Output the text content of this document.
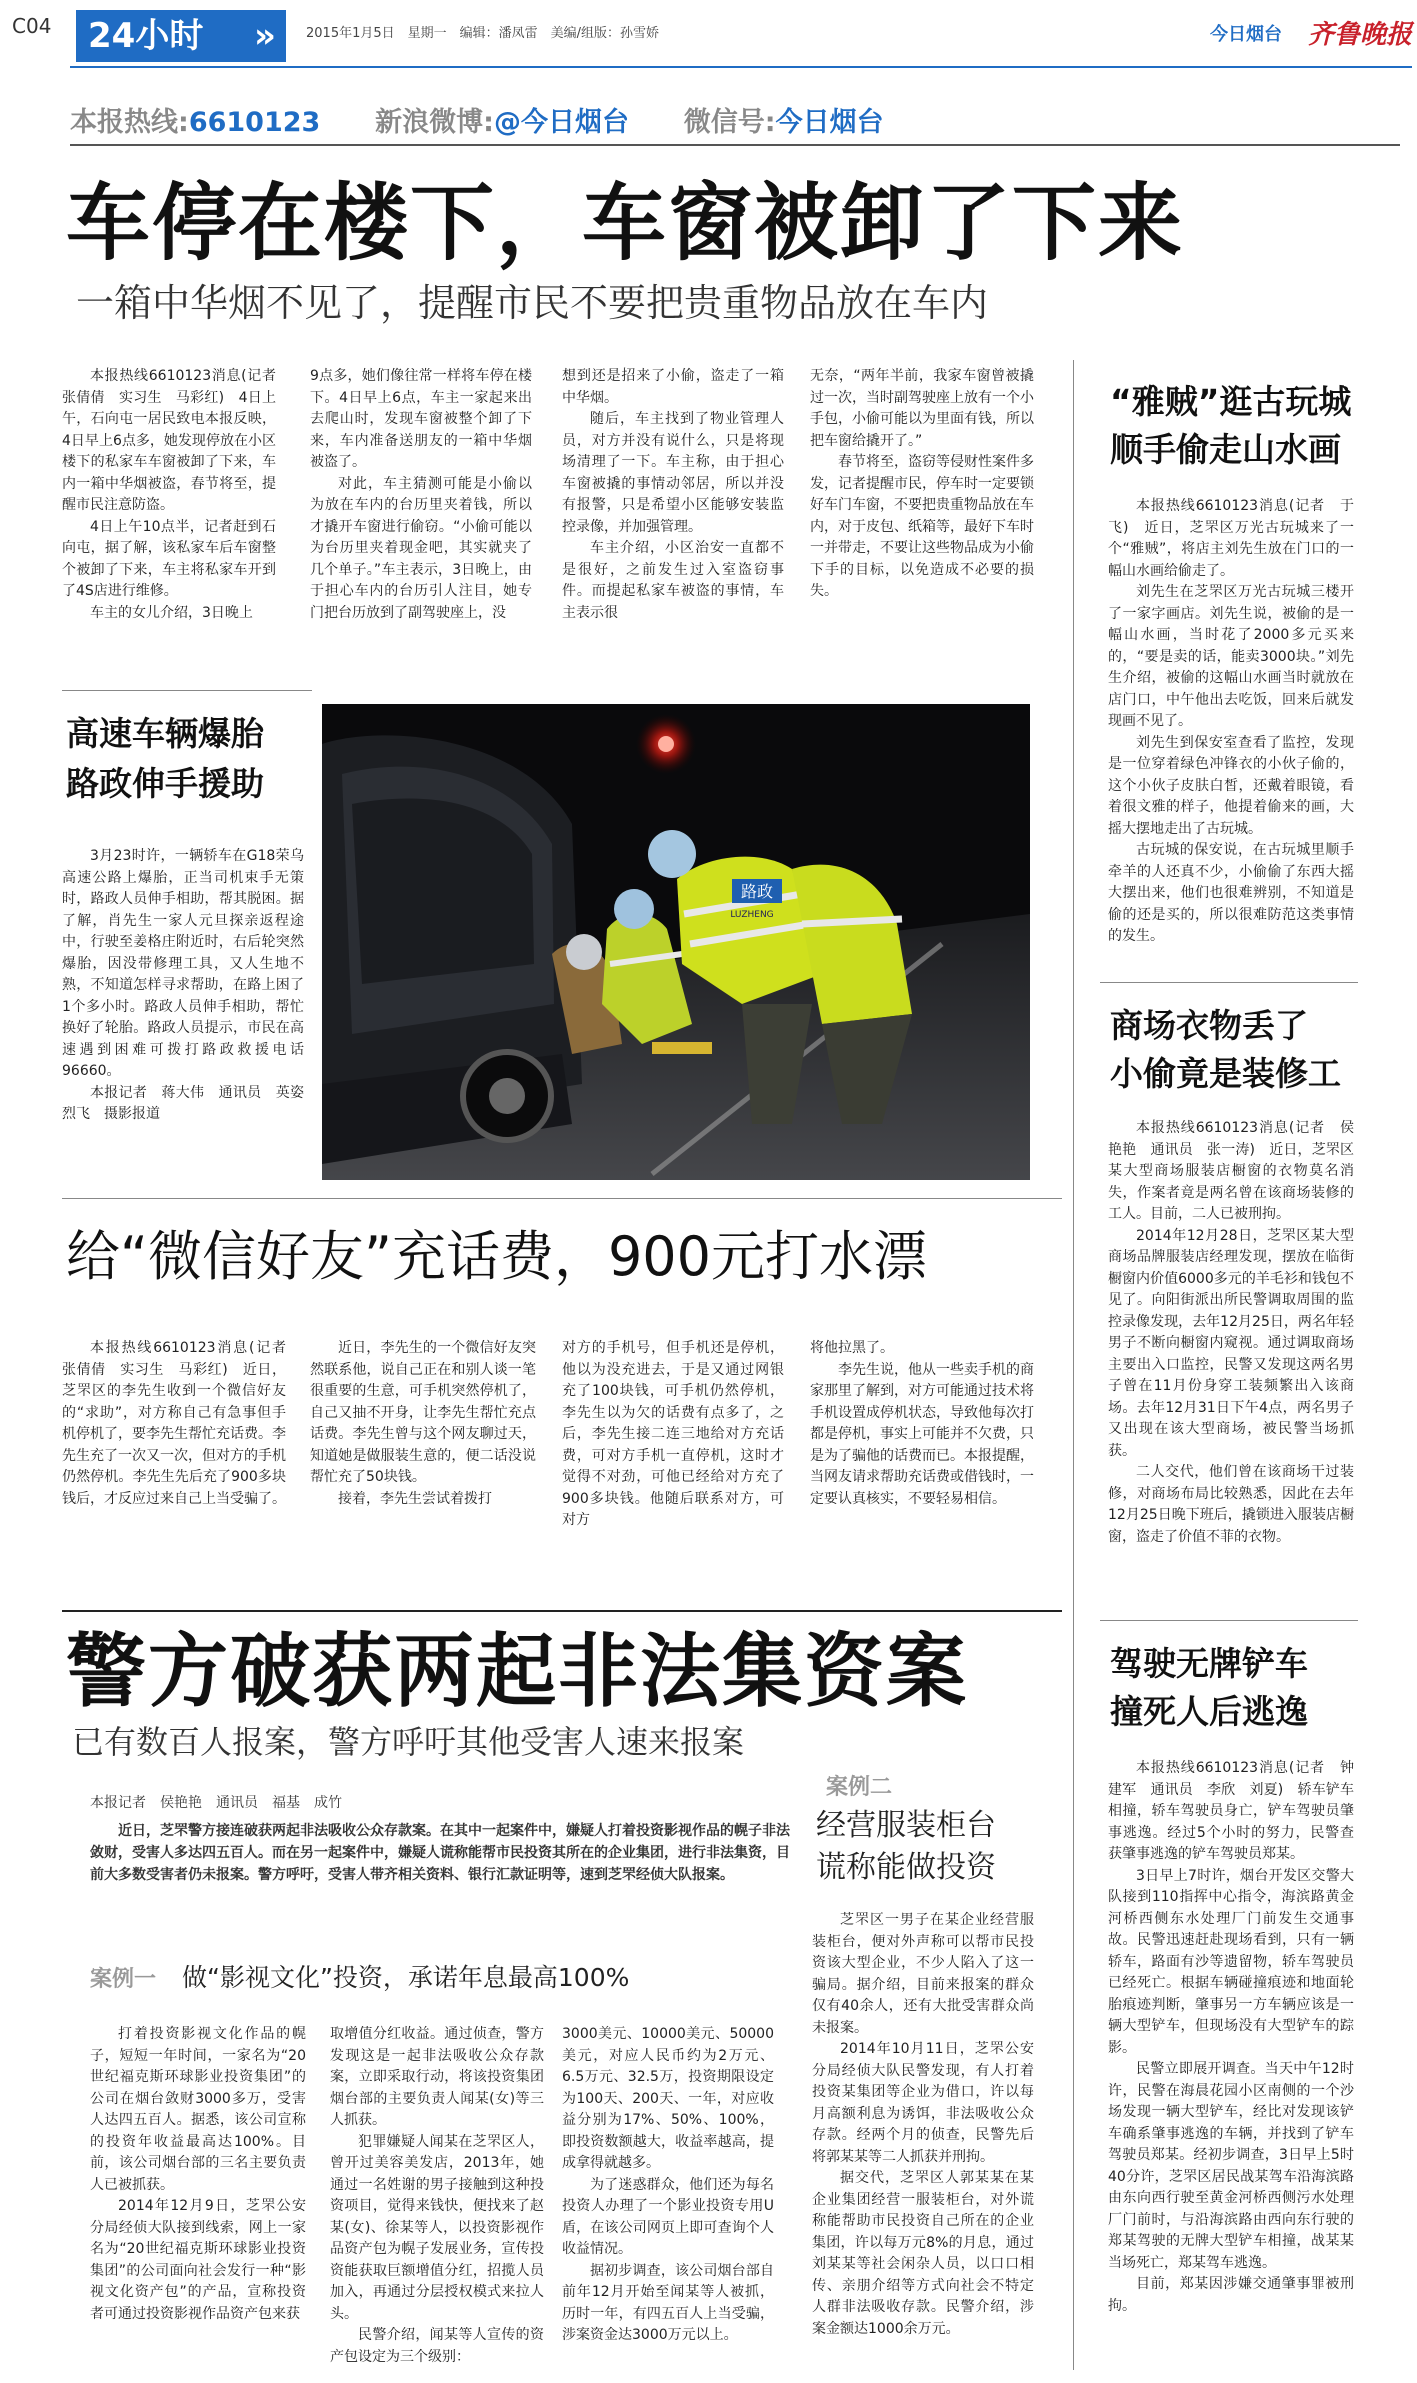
C04	24小时 » 2015年1月5日　星期一　编辑：潘凤雷　美编/组版：孙雪娇	今日烟台 齐鲁晚报
本报热线:6610123 新浪微博:@今日烟台 微信号:今日烟台
车停在楼下，车窗被卸了下来
一箱中华烟不见了，提醒市民不要把贵重物品放在车内

本报热线6610123消息(记者　张倩倩　实习生　马彩红)　4日上午，石向屯一居民致电本报反映，4日早上6点多，她发现停放在小区楼下的私家车车窗被卸了下来，车内一箱中华烟被盗，春节将至，提醒市民注意防盗。

4日上午10点半，记者赶到石向屯，据了解，该私家车后车窗整个被卸了下来，车主将私家车开到了4S店进行维修。

车主的女儿介绍，3日晚上

9点多，她们像往常一样将车停在楼下。4日早上6点，车主一家起来出去爬山时，发现车窗被整个卸了下来，车内准备送朋友的一箱中华烟被盗了。

对此，车主猜测可能是小偷以为放在车内的台历里夹着钱，所以才撬开车窗进行偷窃。“小偷可能以为台历里夹着现金吧，其实就夹了几个单子。”车主表示，3日晚上，由于担心车内的台历引人注目，她专门把台历放到了副驾驶座上，没

想到还是招来了小偷，盗走了一箱中华烟。

随后，车主找到了物业管理人员，对方并没有说什么，只是将现场清理了一下。车主称，由于担心车窗被撬的事情动邻居，所以并没有报警，只是希望小区能够安装监控录像，并加强管理。

车主介绍，小区治安一直都不是很好，之前发生过入室盗窃事件。而提起私家车被盗的事情，车主表示很

无奈，“两年半前，我家车窗曾被撬过一次，当时副驾驶座上放有一个小手包，小偷可能以为里面有钱，所以把车窗给撬开了。”

春节将至，盗窃等侵财性案件多发，记者提醒市民，停车时一定要锁好车门车窗，不要把贵重物品放在车内，对于皮包、纸箱等，最好下车时一并带走，不要让这些物品成为小偷下手的目标，以免造成不必要的损失。

高速车辆爆胎
路政伸手援助

3月23时许，一辆轿车在G18荣乌高速公路上爆胎，正当司机束手无策时，路政人员伸手相助，帮其脱困。据了解，肖先生一家人元旦探亲返程途中，行驶至姜格庄附近时，右后轮突然爆胎，因没带修理工具，又人生地不熟，不知道怎样寻求帮助，在路上困了1个多小时。路政人员伸手相助，帮忙换好了轮胎。路政人员提示，市民在高速遇到困难可拨打路政救援电话96660。

本报记者　蒋大伟　通讯员　英姿　烈飞　摄影报道

路政
LUZHENG
“雅贼”逛古玩城
顺手偷走山水画

本报热线6610123消息(记者　于飞)　近日，芝罘区万光古玩城来了一个“雅贼”，将店主刘先生放在门口的一幅山水画给偷走了。

刘先生在芝罘区万光古玩城三楼开了一家字画店。刘先生说，被偷的是一幅山水画，当时花了2000多元买来的，“要是卖的话，能卖3000块。”刘先生介绍，被偷的这幅山水画当时就放在店门口，中午他出去吃饭，回来后就发现画不见了。

刘先生到保安室查看了监控，发现是一位穿着绿色冲锋衣的小伙子偷的，这个小伙子皮肤白皙，还戴着眼镜，看着很文雅的样子，他提着偷来的画，大摇大摆地走出了古玩城。

古玩城的保安说，在古玩城里顺手牵羊的人还真不少，小偷偷了东西大摇大摆出来，他们也很难辨别，不知道是偷的还是买的，所以很难防范这类事情的发生。

商场衣物丢了
小偷竟是装修工

本报热线6610123消息(记者　侯艳艳　通讯员　张一涛)　近日，芝罘区某大型商场服装店橱窗的衣物莫名消失，作案者竟是两名曾在该商场装修的工人。目前，二人已被刑拘。

2014年12月28日，芝罘区某大型商场品牌服装店经理发现，摆放在临街橱窗内价值6000多元的羊毛衫和钱包不见了。向阳街派出所民警调取周围的监控录像发现，去年12月25日，两名年轻男子不断向橱窗内窥视。通过调取商场主要出入口监控，民警又发现这两名男子曾在11月份身穿工装频繁出入该商场。去年12月31日下午4点，两名男子又出现在该大型商场，被民警当场抓获。

二人交代，他们曾在该商场干过装修，对商场布局比较熟悉，因此在去年12月25日晚下班后，撬锁进入服装店橱窗，盗走了价值不菲的衣物。

给“微信好友”充话费，900元打水漂

本报热线6610123消息(记者　张倩倩　实习生　马彩红)　近日，芝罘区的李先生收到一个微信好友的“求助”，对方称自己有急事但手机停机了，要李先生帮忙充话费。李先生充了一次又一次，但对方的手机仍然停机。李先生先后充了900多块钱后，才反应过来自己上当受骗了。

近日，李先生的一个微信好友突然联系他，说自己正在和别人谈一笔很重要的生意，可手机突然停机了，自己又抽不开身，让李先生帮忙充点话费。李先生曾与这个网友聊过天，知道她是做服装生意的，便二话没说帮忙充了50块钱。

接着，李先生尝试着拨打

对方的手机号，但手机还是停机，他以为没充进去，于是又通过网银充了100块钱，可手机仍然停机，李先生以为欠的话费有点多了，之后，李先生接二连三地给对方充话费，可对方手机一直停机，这时才觉得不对劲，可他已经给对方充了900多块钱。他随后联系对方，可对方

将他拉黑了。

李先生说，他从一些卖手机的商家那里了解到，对方可能通过技术将手机设置成停机状态，导致他每次打都是停机，事实上可能并不欠费，只是为了骗他的话费而已。本报提醒，当网友请求帮助充话费或借钱时，一定要认真核实，不要轻易相信。

驾驶无牌铲车
撞死人后逃逸

本报热线6610123消息(记者　钟建军　通讯员　李欣　刘夏)　轿车铲车相撞，轿车驾驶员身亡，铲车驾驶员肇事逃逸。经过5个小时的努力，民警查获肇事逃逸的铲车驾驶员郑某。

3日早上7时许，烟台开发区交警大队接到110指挥中心指令，海滨路黄金河桥西侧东水处理厂门前发生交通事故。民警迅速赶赴现场看到，只有一辆轿车，路面有沙等遗留物，轿车驾驶员已经死亡。根据车辆碰撞痕迹和地面轮胎痕迹判断，肇事另一方车辆应该是一辆大型铲车，但现场没有大型铲车的踪影。

民警立即展开调查。当天中午12时许，民警在海晨花园小区南侧的一个沙场发现一辆大型铲车，经比对发现该铲车确系肇事逃逸的车辆，并找到了铲车驾驶员郑某。经初步调查，3日早上5时40分许，芝罘区居民战某驾车沿海滨路由东向西行驶至黄金河桥西侧污水处理厂门前时，与沿海滨路由西向东行驶的郑某驾驶的无牌大型铲车相撞，战某某当场死亡，郑某驾车逃逸。

目前，郑某因涉嫌交通肇事罪被刑拘。

警方破获两起非法集资案
已有数百人报案，警方呼吁其他受害人速来报案
本报记者　侯艳艳　通讯员　福基　成竹

近日，芝罘警方接连破获两起非法吸收公众存款案。在其中一起案件中，嫌疑人打着投资影视作品的幌子非法敛财，受害人多达四五百人。而在另一起案件中，嫌疑人谎称能帮市民投资其所在的企业集团，进行非法集资，目前大多数受害者仍未报案。警方呼吁，受害人带齐相关资料、银行汇款证明等，速到芝罘经侦大队报案。

案例一 做“影视文化”投资，承诺年息最高100%

打着投资影视文化作品的幌子，短短一年时间，一家名为“20世纪福克斯环球影业投资集团”的公司在烟台敛财3000多万，受害人达四五百人。据悉，该公司宣称的投资年收益最高达100%。目前，该公司烟台部的三名主要负责人已被抓获。

2014年12月9日，芝罘公安分局经侦大队接到线索，网上一家名为“20世纪福克斯环球影业投资集团”的公司面向社会发行一种“影视文化资产包”的产品，宣称投资者可通过投资影视作品资产包来获

取增值分红收益。通过侦查，警方发现这是一起非法吸收公众存款案，立即采取行动，将该投资集团烟台部的主要负责人闻某(女)等三人抓获。

犯罪嫌疑人闻某在芝罘区人，曾开过美容美发店，2013年，她通过一名姓谢的男子接触到这种投资项目，觉得来钱快，便找来了赵某(女)、徐某等人，以投资影视作品资产包为幌子发展业务，宣传投资能获取巨额增值分红，招揽人员加入，再通过分层授权模式来拉人头。

民警介绍，闻某等人宣传的资产包设定为三个级别：

3000美元、10000美元、50000美元，对应人民币约为2万元、6.5万元、32.5万，投资期限设定为100天、200天、一年，对应收益分别为17%、50%、100%，即投资数额越大，收益率越高，提成拿得就越多。

为了迷惑群众，他们还为每名投资人办理了一个影业投资专用U盾，在该公司网页上即可查询个人收益情况。

据初步调查，该公司烟台部自前年12月开始至闻某等人被抓，历时一年，有四五百人上当受骗，涉案资金达3000万元以上。

案例二
经营服装柜台
谎称能做投资

芝罘区一男子在某企业经营服装柜台，便对外声称可以帮市民投资该大型企业，不少人陷入了这一骗局。据介绍，目前来报案的群众仅有40余人，还有大批受害群众尚未报案。

2014年10月11日，芝罘公安分局经侦大队民警发现，有人打着投资某集团等企业为借口，许以每月高额利息为诱饵，非法吸收公众存款。经两个月的侦查，民警先后将郭某某等二人抓获并刑拘。

据交代，芝罘区人郭某某在某企业集团经营一服装柜台，对外谎称能帮助市民投资自己所在的企业集团，许以每万元8%的月息，通过刘某某等社会闲杂人员，以口口相传、亲朋介绍等方式向社会不特定人群非法吸收存款。民警介绍，涉案金额达1000余万元。
